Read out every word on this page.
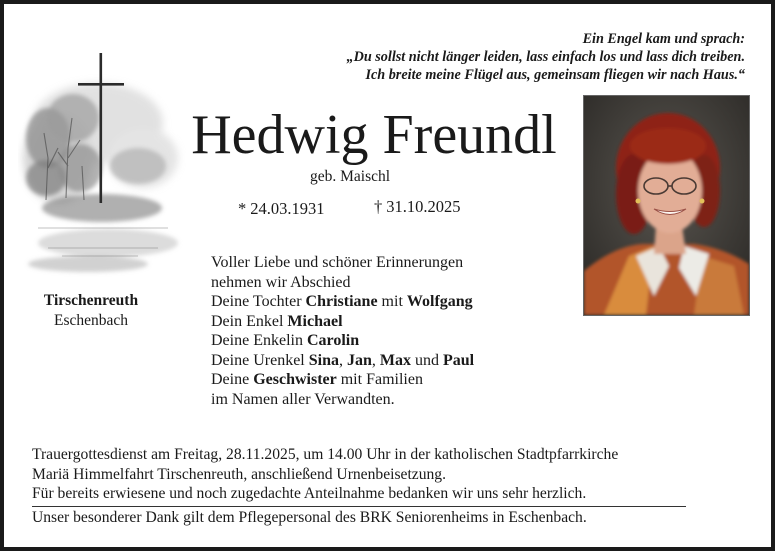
Ein Engel kam und sprach:
„Du sollst nicht länger leiden, lass einfach los und lass dich treiben.
Ich breite meine Flügel aus, gemeinsam fliegen wir nach Haus.“
Hedwig Freundl
geb. Maischl
* 24.03.1931	† 31.10.2025
Tirschenreuth
Eschenbach
Voller Liebe und schöner Erinnerungen
nehmen wir Abschied
Deine Tochter Christiane mit Wolfgang
Dein Enkel Michael
Deine Enkelin Carolin
Deine Urenkel Sina, Jan, Max und Paul
Deine Geschwister mit Familien
im Namen aller Verwandten.
Trauergottesdienst am Freitag, 28.11.2025, um 14.00 Uhr in der katholischen Stadtpfarrkirche
Mariä Himmelfahrt Tirschenreuth, anschließend Urnenbeisetzung.
Für bereits erwiesene und noch zugedachte Anteilnahme bedanken wir uns sehr herzlich.
Unser besonderer Dank gilt dem Pflegepersonal des BRK Seniorenheims in Eschenbach.
